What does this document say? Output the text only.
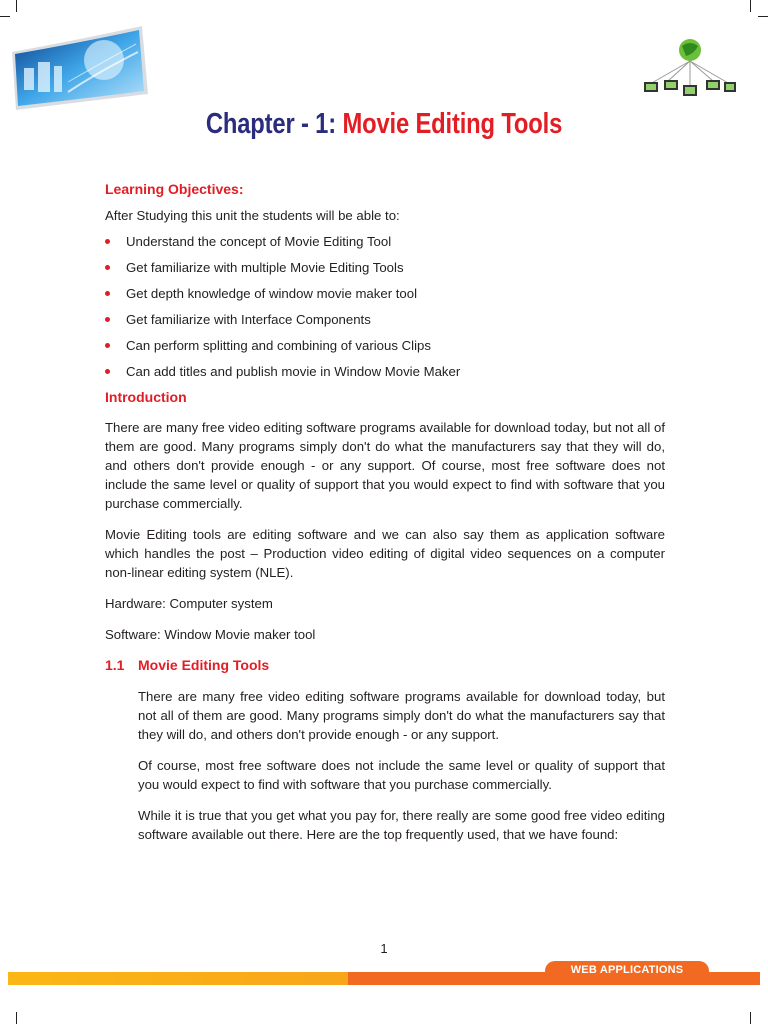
Chapter - 1: Movie Editing Tools

Learning Objectives:

After Studying this unit the students will be able to:

Understand the concept of Movie Editing Tool
Get familiarize with multiple Movie Editing Tools
Get depth knowledge of window movie maker tool
Get familiarize with Interface Components
Can perform splitting and combining of various Clips
Can add titles and publish movie in Window Movie Maker

Introduction

There are many free video editing software programs available for download today, but not all of them are good. Many programs simply don't do what the manufacturers say that they will do, and others don't provide enough - or any support. Of course, most free software does not include the same level or quality of support that you would expect to find with software that you purchase commercially.

Movie Editing tools are editing software and we can also say them as application software which handles the post – Production video editing of digital video sequences on a computer non-linear editing system (NLE).

Hardware: Computer system

Software: Window Movie maker tool

1.1 Movie Editing Tools

There are many free video editing software programs available for download today, but not all of them are good. Many programs simply don't do what the manufacturers say that they will do, and others don't provide enough - or any support.

Of course, most free software does not include the same level or quality of support that you would expect to find with software that you purchase commercially.

While it is true that you get what you pay for, there really are some good free video editing software available out there. Here are the top frequently used, that we have found:

1
WEB APPLICATIONS
